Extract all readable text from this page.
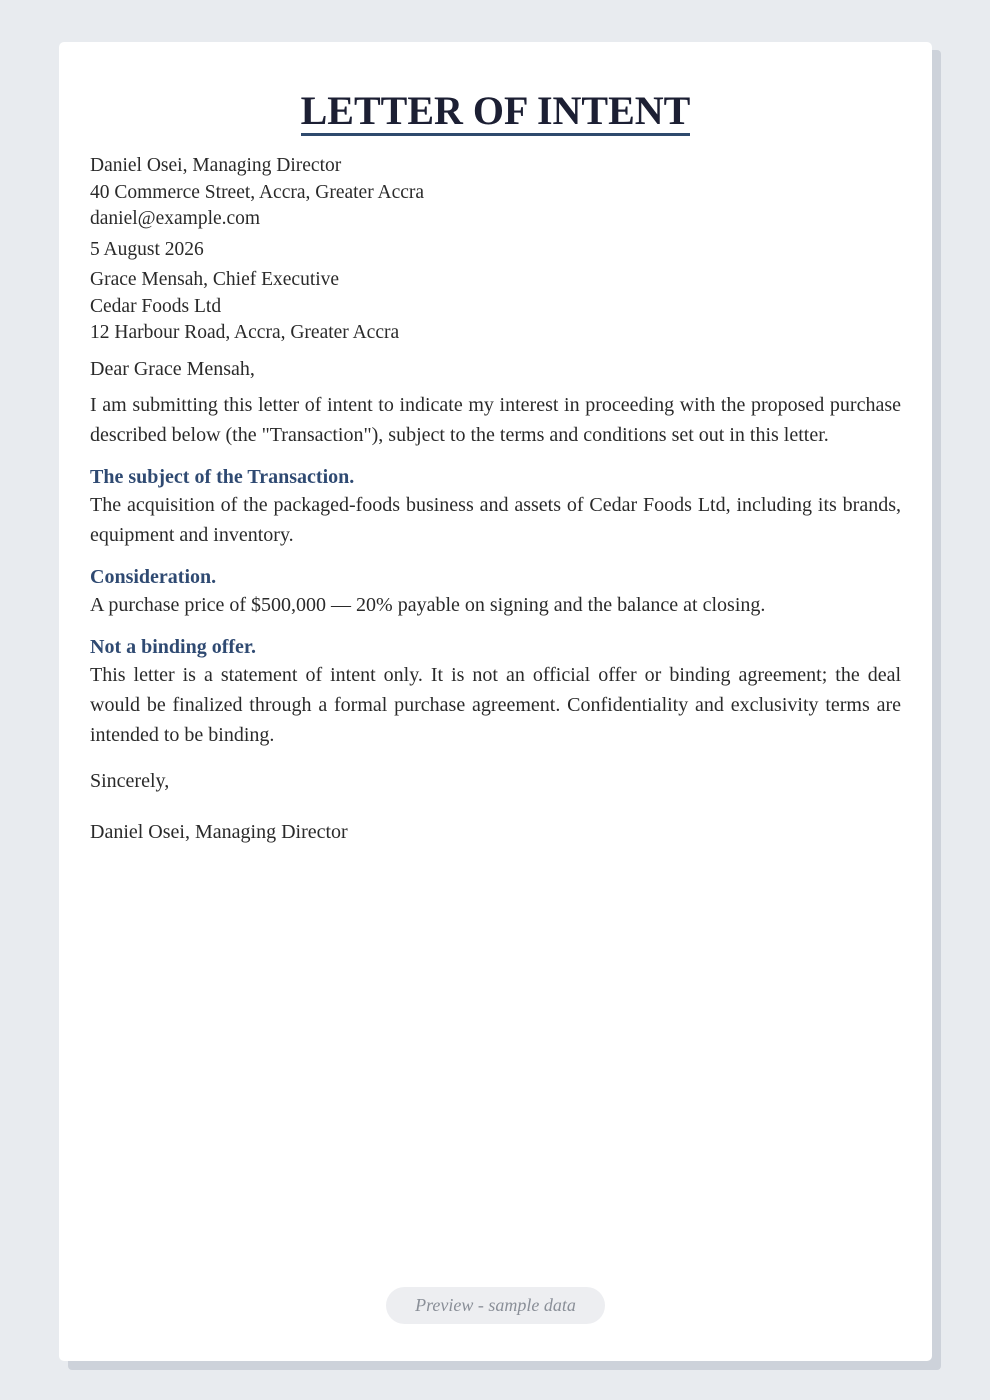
LETTER OF INTENT
Daniel Osei, Managing Director
40 Commerce Street, Accra, Greater Accra
daniel@example.com
5 August 2026
Grace Mensah, Chief Executive
Cedar Foods Ltd
12 Harbour Road, Accra, Greater Accra
Dear Grace Mensah,
I am submitting this letter of intent to indicate my interest in proceeding with the proposed purchase described below (the "Transaction"), subject to the terms and conditions set out in this letter.
The subject of the Transaction.
The acquisition of the packaged-foods business and assets of Cedar Foods Ltd, including its brands, equipment and inventory.
Consideration.
A purchase price of $500,000 — 20% payable on signing and the balance at closing.
Not a binding offer.
This letter is a statement of intent only. It is not an official offer or binding agreement; the deal would be finalized through a formal purchase agreement. Confidentiality and exclusivity terms are intended to be binding.
Sincerely,
Daniel Osei, Managing Director
Preview - sample data
